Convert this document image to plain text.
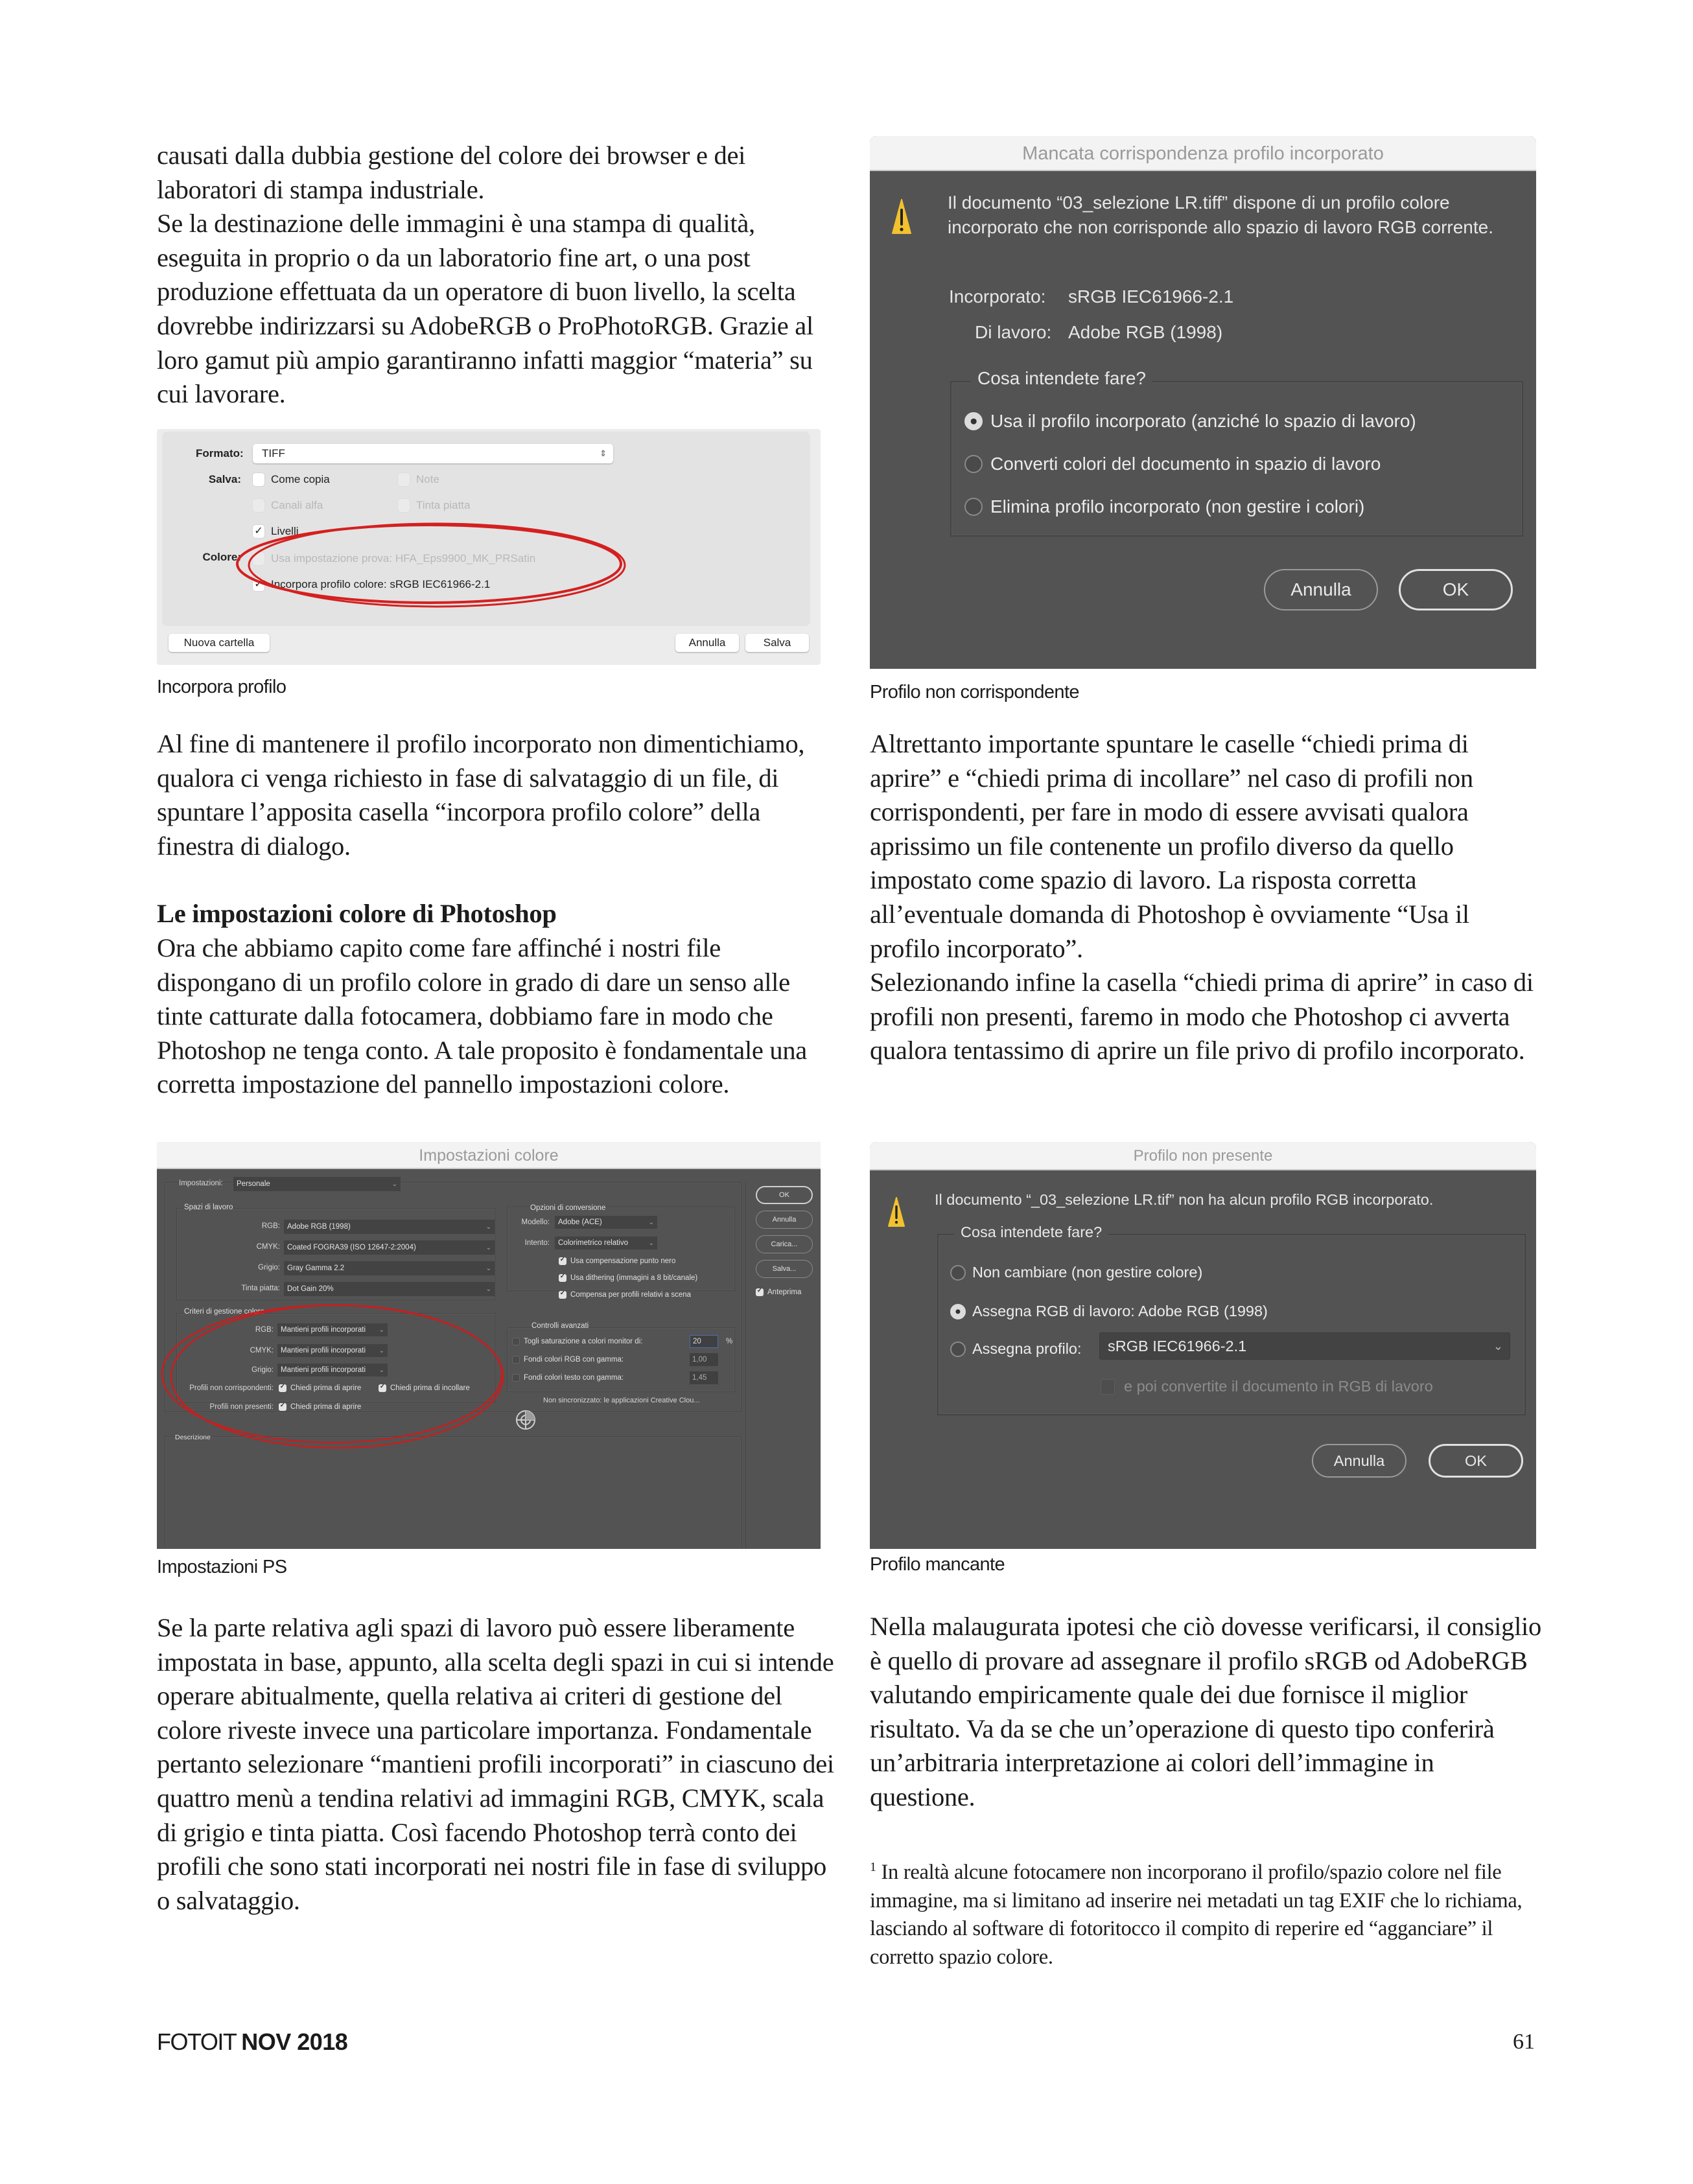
causati dalla dubbia gestione del colore dei browser e dei laboratori di stampa industriale.

Se la destinazione delle immagini è una stampa di qualità, eseguita in proprio o da un laboratorio fine art, o una post produzione effettuata da un operatore di buon livello, la scelta dovrebbe indirizzarsi su AdobeRGB o ProPhotoRGB. Grazie al loro gamut più ampio garantiranno infatti maggior “materia” su cui lavorare.

Formato: TIFF	⇕
Salva:	Come copia	Note
Canali alfa	Tinta piatta
✓ Livelli
Colore:	Usa impostazione prova: HFA_Eps9900_MK_PRSatin
✓ Incorpora profilo colore: sRGB IEC61966-2.1
Nuova cartella	Annulla	Salva
Incorpora profilo

Al fine di mantenere il profilo incorporato non dimentichiamo, qualora ci venga richiesto in fase di salvataggio di un file, di spuntare l’apposita casella “incorpora profilo colore” della finestra di dialogo.

Le impostazioni colore di Photoshop

Ora che abbiamo capito come fare affinché i nostri file dispongano di un profilo colore in grado di dare un senso alle tinte catturate dalla fotocamera, dobbiamo fare in modo che Photoshop ne tenga conto. A tale proposito è fondamentale una corretta impostazione del pannello impostazioni colore.

Impostazioni colore
Impostazioni: Personale	⌄
Spazi di lavoro
RGB: Adobe RGB (1998)	⌄
CMYK: Coated FOGRA39 (ISO 12647-2:2004)	⌄
Grigio: Gray Gamma 2.2	⌄
Tinta piatta: Dot Gain 20%	⌄
Criteri di gestione colore
RGB: Mantieni profili incorporati ⌄
CMYK: Mantieni profili incorporati ⌄
Grigio: Mantieni profili incorporati ⌄
Profili non corrispondenti: ✓ Chiedi prima di aprire ✓	Chiedi prima di incollare
Profili non presenti: ✓ Chiedi prima di aprire
Opzioni di conversione
Modello: Adobe (ACE)	⌄
Intento: Colorimetrico relativo	⌄
✓
Usa compensazione punto nero
✓
Usa dithering (immagini a 8 bit/canale)
✓
Compensa per profili relativi a scena
Controlli avanzati
Togli saturazione a colori monitor di:	20	%
Fondi colori RGB con gamma:	1,00
Fondi colori testo con gamma:	1,45
Non sincronizzato: le applicazioni Creative Clou...
OK
Annulla
Carica...
Salva...
✓
Anteprima
Descrizione
Impostazioni PS

Se la parte relativa agli spazi di lavoro può essere liberamente impostata in base, appunto, alla scelta degli spazi in cui si intende operare abitualmente, quella relativa ai criteri di gestione del colore riveste invece una particolare importanza. Fondamentale pertanto selezionare “mantieni profili incorporati” in ciascuno dei quattro menù a tendina relativi ad immagini RGB, CMYK, scala di grigio e tinta piatta. Così facendo Photoshop terrà conto dei profili che sono stati incorporati nei nostri file in fase di sviluppo o salvataggio.

Mancata corrispondenza profilo incorporato
Il documento “03_selezione LR.tiff” dispone di un profilo colore incorporato che non corrisponde allo spazio di lavoro RGB corrente.
Incorporato: sRGB IEC61966-2.1
Di lavoro: Adobe RGB (1998)
Cosa intendete fare?
Usa il profilo incorporato (anziché lo spazio di lavoro)
Converti colori del documento in spazio di lavoro
Elimina profilo incorporato (non gestire i colori)
Annulla	OK
Profilo non corrispondente

Altrettanto importante spuntare le caselle “chiedi prima di aprire” e “chiedi prima di incollare” nel caso di profili non corrispondenti, per fare in modo di essere avvisati qualora aprissimo un file contenente un profilo diverso da quello impostato come spazio di lavoro. La risposta corretta all’eventuale domanda di Photoshop è ovviamente “Usa il profilo incorporato”.

Selezionando infine la casella “chiedi prima di aprire” in caso di profili non presenti, faremo in modo che Photoshop ci avverta qualora tentassimo di aprire un file privo di profilo incorporato.

Profilo non presente
Il documento “_03_selezione LR.tif” non ha alcun profilo RGB incorporato.
Cosa intendete fare?
Non cambiare (non gestire colore)
Assegna RGB di lavoro: Adobe RGB (1998)
Assegna profilo: sRGB IEC61966-2.1	⌄
e poi convertite il documento in RGB di lavoro
Annulla	OK
Profilo mancante

Nella malaugurata ipotesi che ciò dovesse verificarsi, il consiglio è quello di provare ad assegnare il profilo sRGB od AdobeRGB valutando empiricamente quale dei due fornisce il miglior risultato. Va da se che un’operazione di questo tipo conferirà un’arbitraria interpretazione ai colori dell’immagine in questione.

$^1$ In realtà alcune fotocamere non incorporano il profilo/spazio colore nel file immagine, ma si limitano ad inserire nei metadati un tag EXIF che lo richiama, lasciando al software di fotoritocco il compito di reperire ed “agganciare” il corretto spazio colore.
FOTOIT NOV 2018	61
